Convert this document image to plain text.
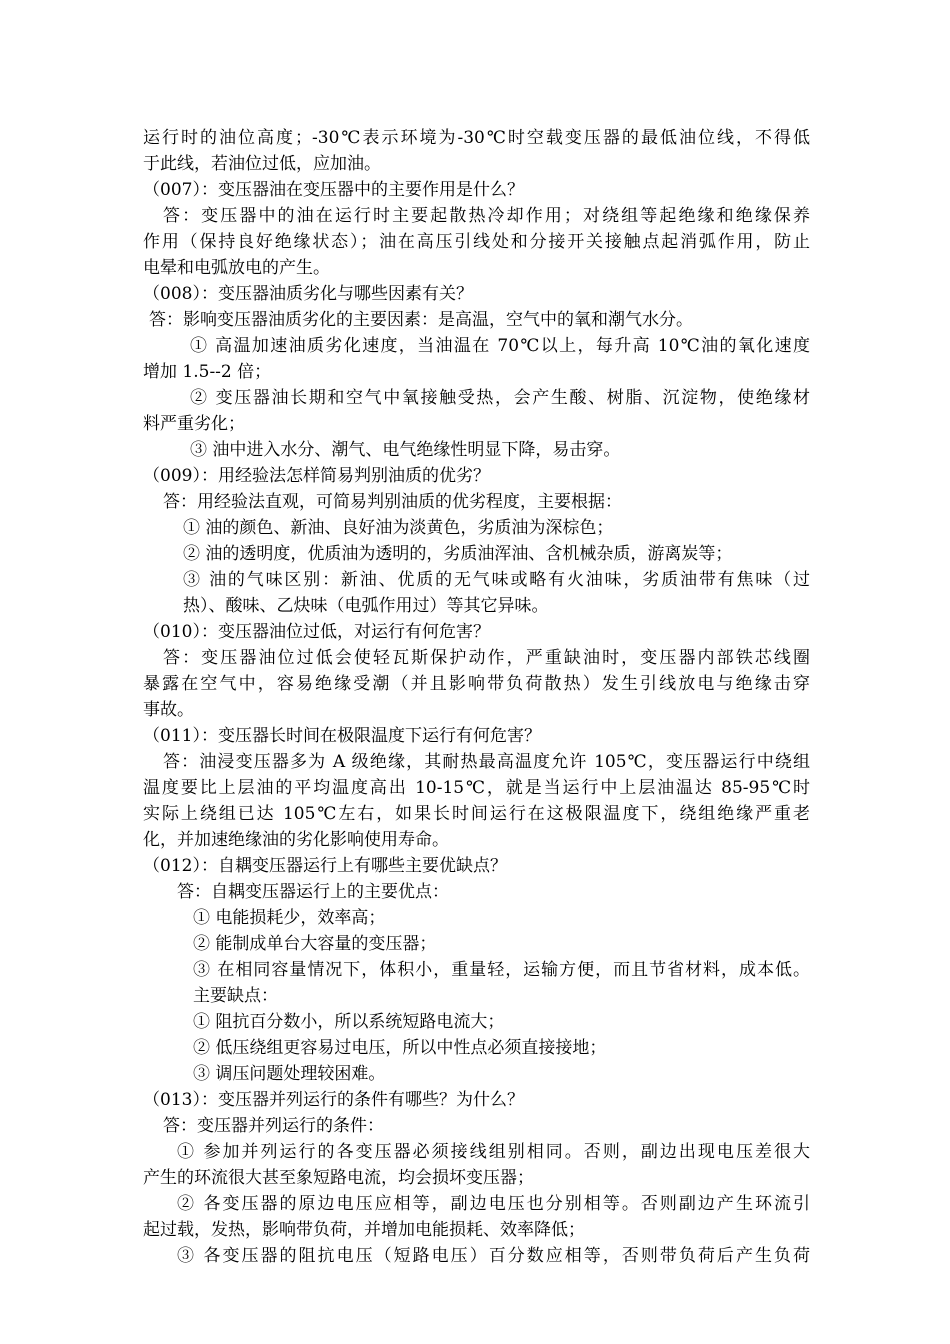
运行时的油位高度；-30℃表示环境为-30℃时空载变压器的最低油位线，不得低
于此线，若油位过低，应加油。
（007）：变压器油在变压器中的主要作用是什么？
答：变压器中的油在运行时主要起散热冷却作用；对绕组等起绝缘和绝缘保养
作用（保持良好绝缘状态）；油在高压引线处和分接开关接触点起消弧作用，防止
电晕和电弧放电的产生。
（008）：变压器油质劣化与哪些因素有关？
答：影响变压器油质劣化的主要因素：是高温，空气中的氧和潮气水分。
① 高温加速油质劣化速度，当油温在 70℃以上，每升高 10℃油的氧化速度
增加 1.5--2 倍；
② 变压器油长期和空气中氧接触受热，会产生酸、树脂、沉淀物，使绝缘材
料严重劣化；
③ 油中进入水分、潮气、电气绝缘性明显下降，易击穿。
（009）：用经验法怎样简易判别油质的优劣？
答：用经验法直观，可简易判别油质的优劣程度，主要根据：
① 油的颜色、新油、良好油为淡黄色，劣质油为深棕色；
② 油的透明度，优质油为透明的，劣质油浑油、含机械杂质，游离炭等；
③ 油的气味区别：新油、优质的无气味或略有火油味，劣质油带有焦味（过
热）、酸味、乙炔味（电弧作用过）等其它异味。
（010）：变压器油位过低，对运行有何危害？
答：变压器油位过低会使轻瓦斯保护动作，严重缺油时，变压器内部铁芯线圈
暴露在空气中，容易绝缘受潮（并且影响带负荷散热）发生引线放电与绝缘击穿
事故。
（011）：变压器长时间在极限温度下运行有何危害？
答：油浸变压器多为 A 级绝缘，其耐热最高温度允许 105℃，变压器运行中绕组
温度要比上层油的平均温度高出 10-15℃，就是当运行中上层油温达 85-95℃时
实际上绕组已达 105℃左右，如果长时间运行在这极限温度下，绕组绝缘严重老
化，并加速绝缘油的劣化影响使用寿命。
（012）：自耦变压器运行上有哪些主要优缺点？
答：自耦变压器运行上的主要优点：
① 电能损耗少，效率高；
② 能制成单台大容量的变压器；
③ 在相同容量情况下，体积小，重量轻，运输方便，而且节省材料，成本低。
主要缺点：
① 阻抗百分数小，所以系统短路电流大；
② 低压绕组更容易过电压，所以中性点必须直接接地；
③ 调压问题处理较困难。
（013）：变压器并列运行的条件有哪些？为什么？
答：变压器并列运行的条件：
① 参加并列运行的各变压器必须接线组别相同。否则，副边出现电压差很大
产生的环流很大甚至象短路电流，均会损坏变压器；
② 各变压器的原边电压应相等，副边电压也分别相等。否则副边产生环流引
起过载，发热，影响带负荷，并增加电能损耗、效率降低；
③ 各变压器的阻抗电压（短路电压）百分数应相等，否则带负荷后产生负荷
